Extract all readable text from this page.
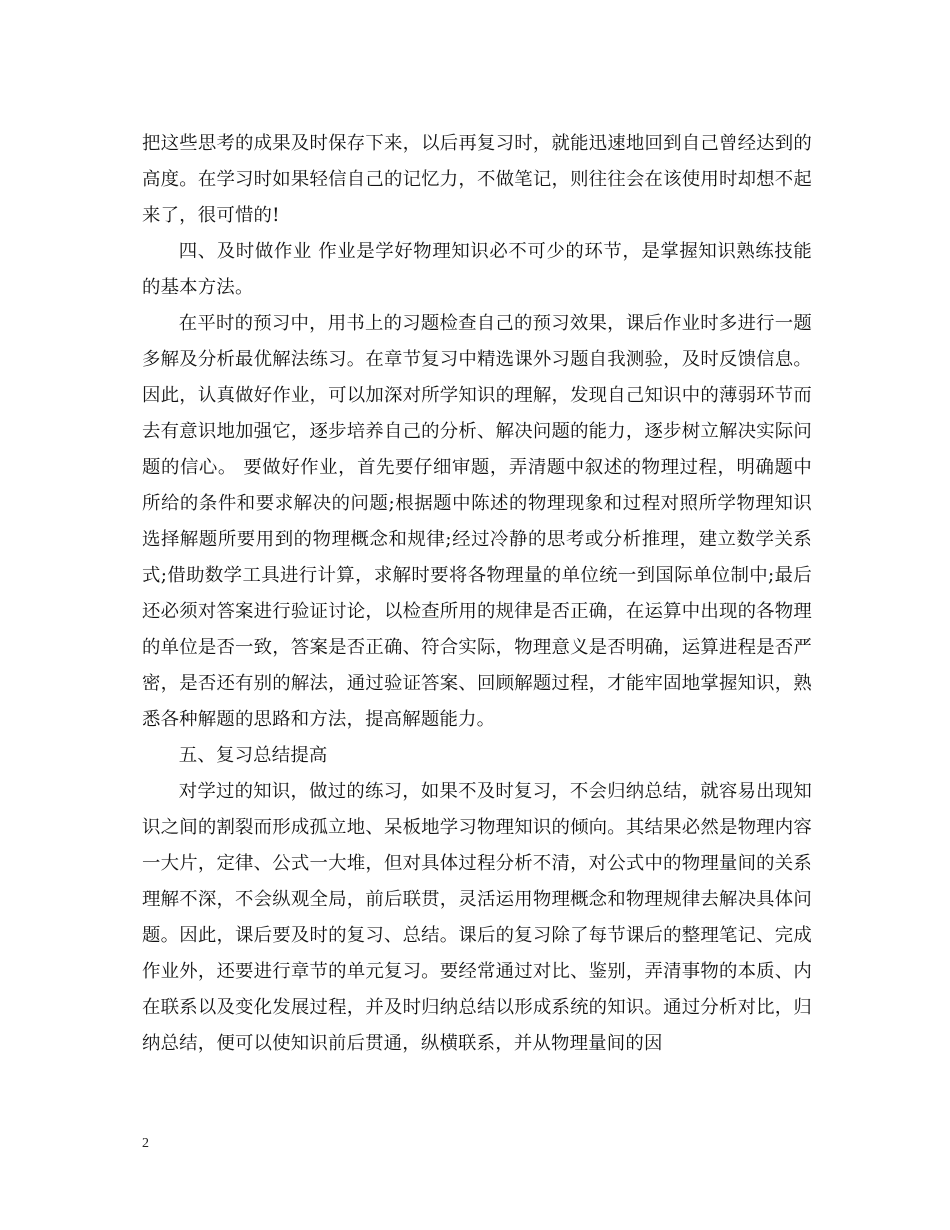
把这些思考的成果及时保存下来，以后再复习时，就能迅速地回到自己曾经达到的高度。在学习时如果轻信自己的记忆力，不做笔记，则往往会在该使用时却想不起来了，很可惜的!

四、及时做作业 作业是学好物理知识必不可少的环节，是掌握知识熟练技能的基本方法。

在平时的预习中，用书上的习题检查自己的预习效果，课后作业时多进行一题多解及分析最优解法练习。在章节复习中精选课外习题自我测验，及时反馈信息。因此，认真做好作业，可以加深对所学知识的理解，发现自己知识中的薄弱环节而去有意识地加强它，逐步培养自己的分析、解决问题的能力，逐步树立解决实际问题的信心。 要做好作业，首先要仔细审题，弄清题中叙述的物理过程，明确题中所给的条件和要求解决的问题;根据题中陈述的物理现象和过程对照所学物理知识选择解题所要用到的物理概念和规律;经过冷静的思考或分析推理，建立数学关系式;借助数学工具进行计算，求解时要将各物理量的单位统一到国际单位制中;最后还必须对答案进行验证讨论，以检查所用的规律是否正确，在运算中出现的各物理的单位是否一致，答案是否正确、符合实际，物理意义是否明确，运算进程是否严密，是否还有别的解法，通过验证答案、回顾解题过程，才能牢固地掌握知识，熟悉各种解题的思路和方法，提高解题能力。

五、复习总结提高

对学过的知识，做过的练习，如果不及时复习，不会归纳总结，就容易出现知识之间的割裂而形成孤立地、呆板地学习物理知识的倾向。其结果必然是物理内容一大片，定律、公式一大堆，但对具体过程分析不清，对公式中的物理量间的关系理解不深，不会纵观全局，前后联贯，灵活运用物理概念和物理规律去解决具体问题。因此，课后要及时的复习、总结。课后的复习除了每节课后的整理笔记、完成作业外，还要进行章节的单元复习。要经常通过对比、鉴别，弄清事物的本质、内在联系以及变化发展过程，并及时归纳总结以形成系统的知识。通过分析对比，归纳总结，便可以使知识前后贯通，纵横联系，并从物理量间的因

2
